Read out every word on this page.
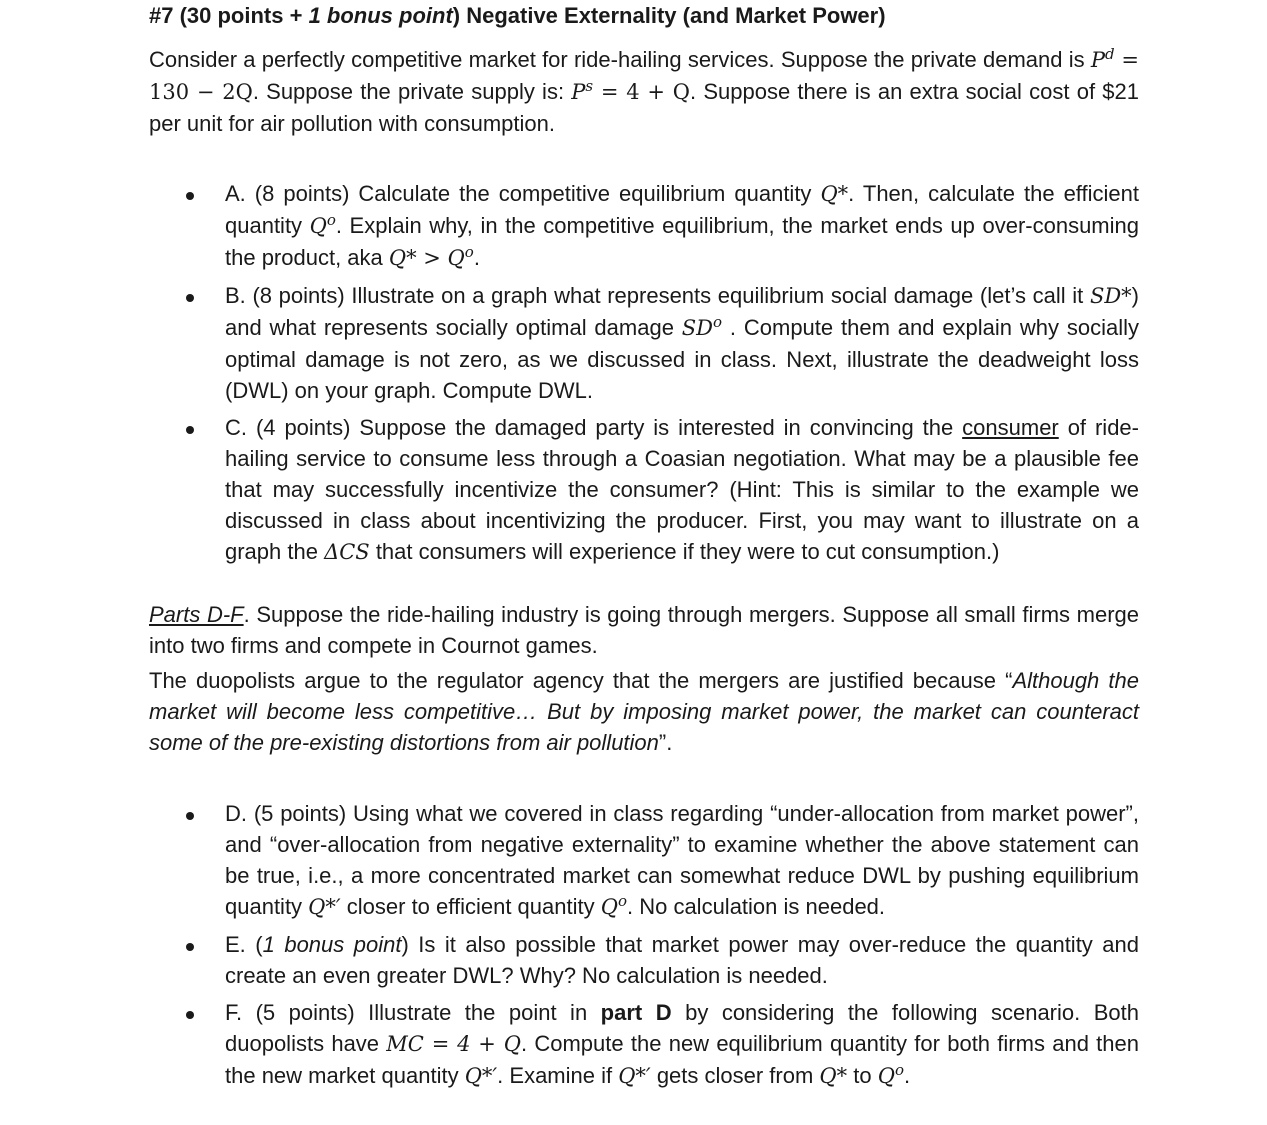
#7 (30 points + 1 bonus point) Negative Externality (and Market Power)
Consider a perfectly competitive market for ride-hailing services. Suppose the private demand is $P^d = 130 - 2Q$. Suppose the private supply is: $P^s = 4 + Q$. Suppose there is an extra social cost of $21 per unit for air pollution with consumption.
A. (8 points) Calculate the competitive equilibrium quantity Q*. Then, calculate the efficient quantity $Q^o$. Explain why, in the competitive equilibrium, the market ends up over-consuming the product, aka $Q* > Q^o$.
B. (8 points) Illustrate on a graph what represents equilibrium social damage (let’s call it SD*) and what represents socially optimal damage $SD^o$ . Compute them and explain why socially optimal damage is not zero, as we discussed in class. Next, illustrate the deadweight loss (DWL) on your graph. Compute DWL.
C. (4 points) Suppose the damaged party is interested in convincing the consumer of ride-hailing service to consume less through a Coasian negotiation. What may be a plausible fee that may successfully incentivize the consumer? (Hint: This is similar to the example we discussed in class about incentivizing the producer. First, you may want to illustrate on a graph the ΔCS that consumers will experience if they were to cut consumption.)
Parts D-F. Suppose the ride-hailing industry is going through mergers. Suppose all small firms merge into two firms and compete in Cournot games.
The duopolists argue to the regulator agency that the mergers are justified because “Although the market will become less competitive… But by imposing market power, the market can counteract some of the pre-existing distortions from air pollution”.
D. (5 points) Using what we covered in class regarding “under-allocation from market power”, and “over-allocation from negative externality” to examine whether the above statement can be true, i.e., a more concentrated market can somewhat reduce DWL by pushing equilibrium quantity Q*′ closer to efficient quantity $Q^o$. No calculation is needed.
E. (1 bonus point) Is it also possible that market power may over-reduce the quantity and create an even greater DWL? Why? No calculation is needed.
F. (5 points) Illustrate the point in part D by considering the following scenario. Both duopolists have MC = 4 + Q. Compute the new equilibrium quantity for both firms and then the new market quantity Q*′. Examine if Q*′ gets closer from Q* to $Q^o$.
